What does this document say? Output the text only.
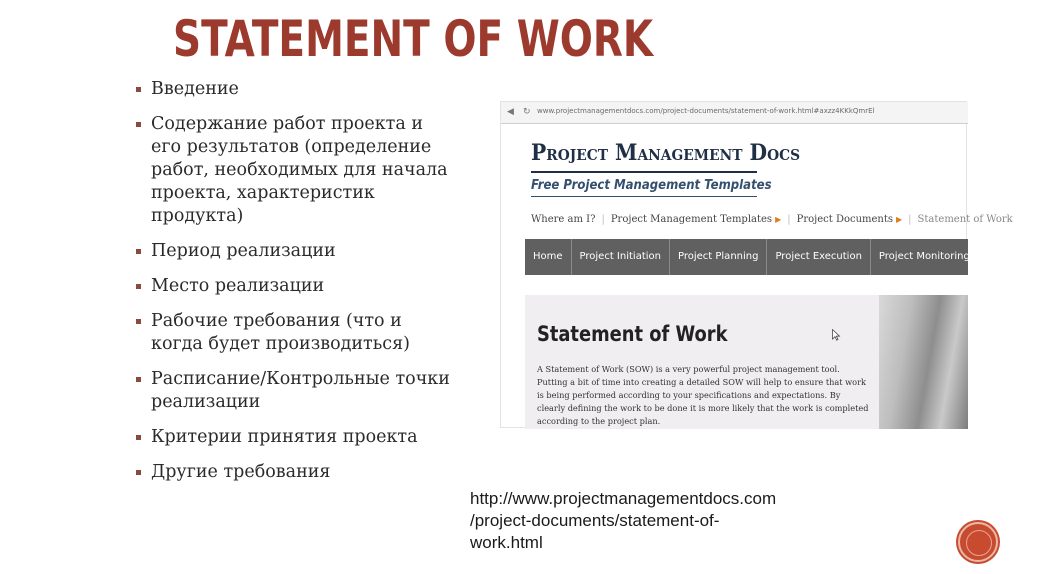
STATEMENT OF WORK
Введение
Содержание работ проекта и его результатов (определение работ, необходимых для начала проекта, характеристик продукта)
Период реализации
Место реализации
Рабочие требования (что и когда будет производиться)
Расписание/Контрольные точки реализации
Критерии принятия проекта
Другие требования
◀ ↻ www.projectmanagementdocs.com/project-documents/statement-of-work.html#axzz4KKkQmrEl
Project Management Docs
Free Project Management Templates
Where am I? | Project Management Templates ▶ | Project Documents ▶ | Statement of Work
Home	Project Initiation	Project Planning	Project Execution	Project Monitoring & Controlling
Statement of Work
A Statement of Work (SOW) is a very powerful project management tool. Putting a bit of time into creating a detailed SOW will help to ensure that work is being performed according to your specifications and expectations. By clearly defining the work to be done it is more likely that the work is completed according to the project plan.
http://www.projectmanagementdocs.com
/project-documents/statement-of-
work.html
